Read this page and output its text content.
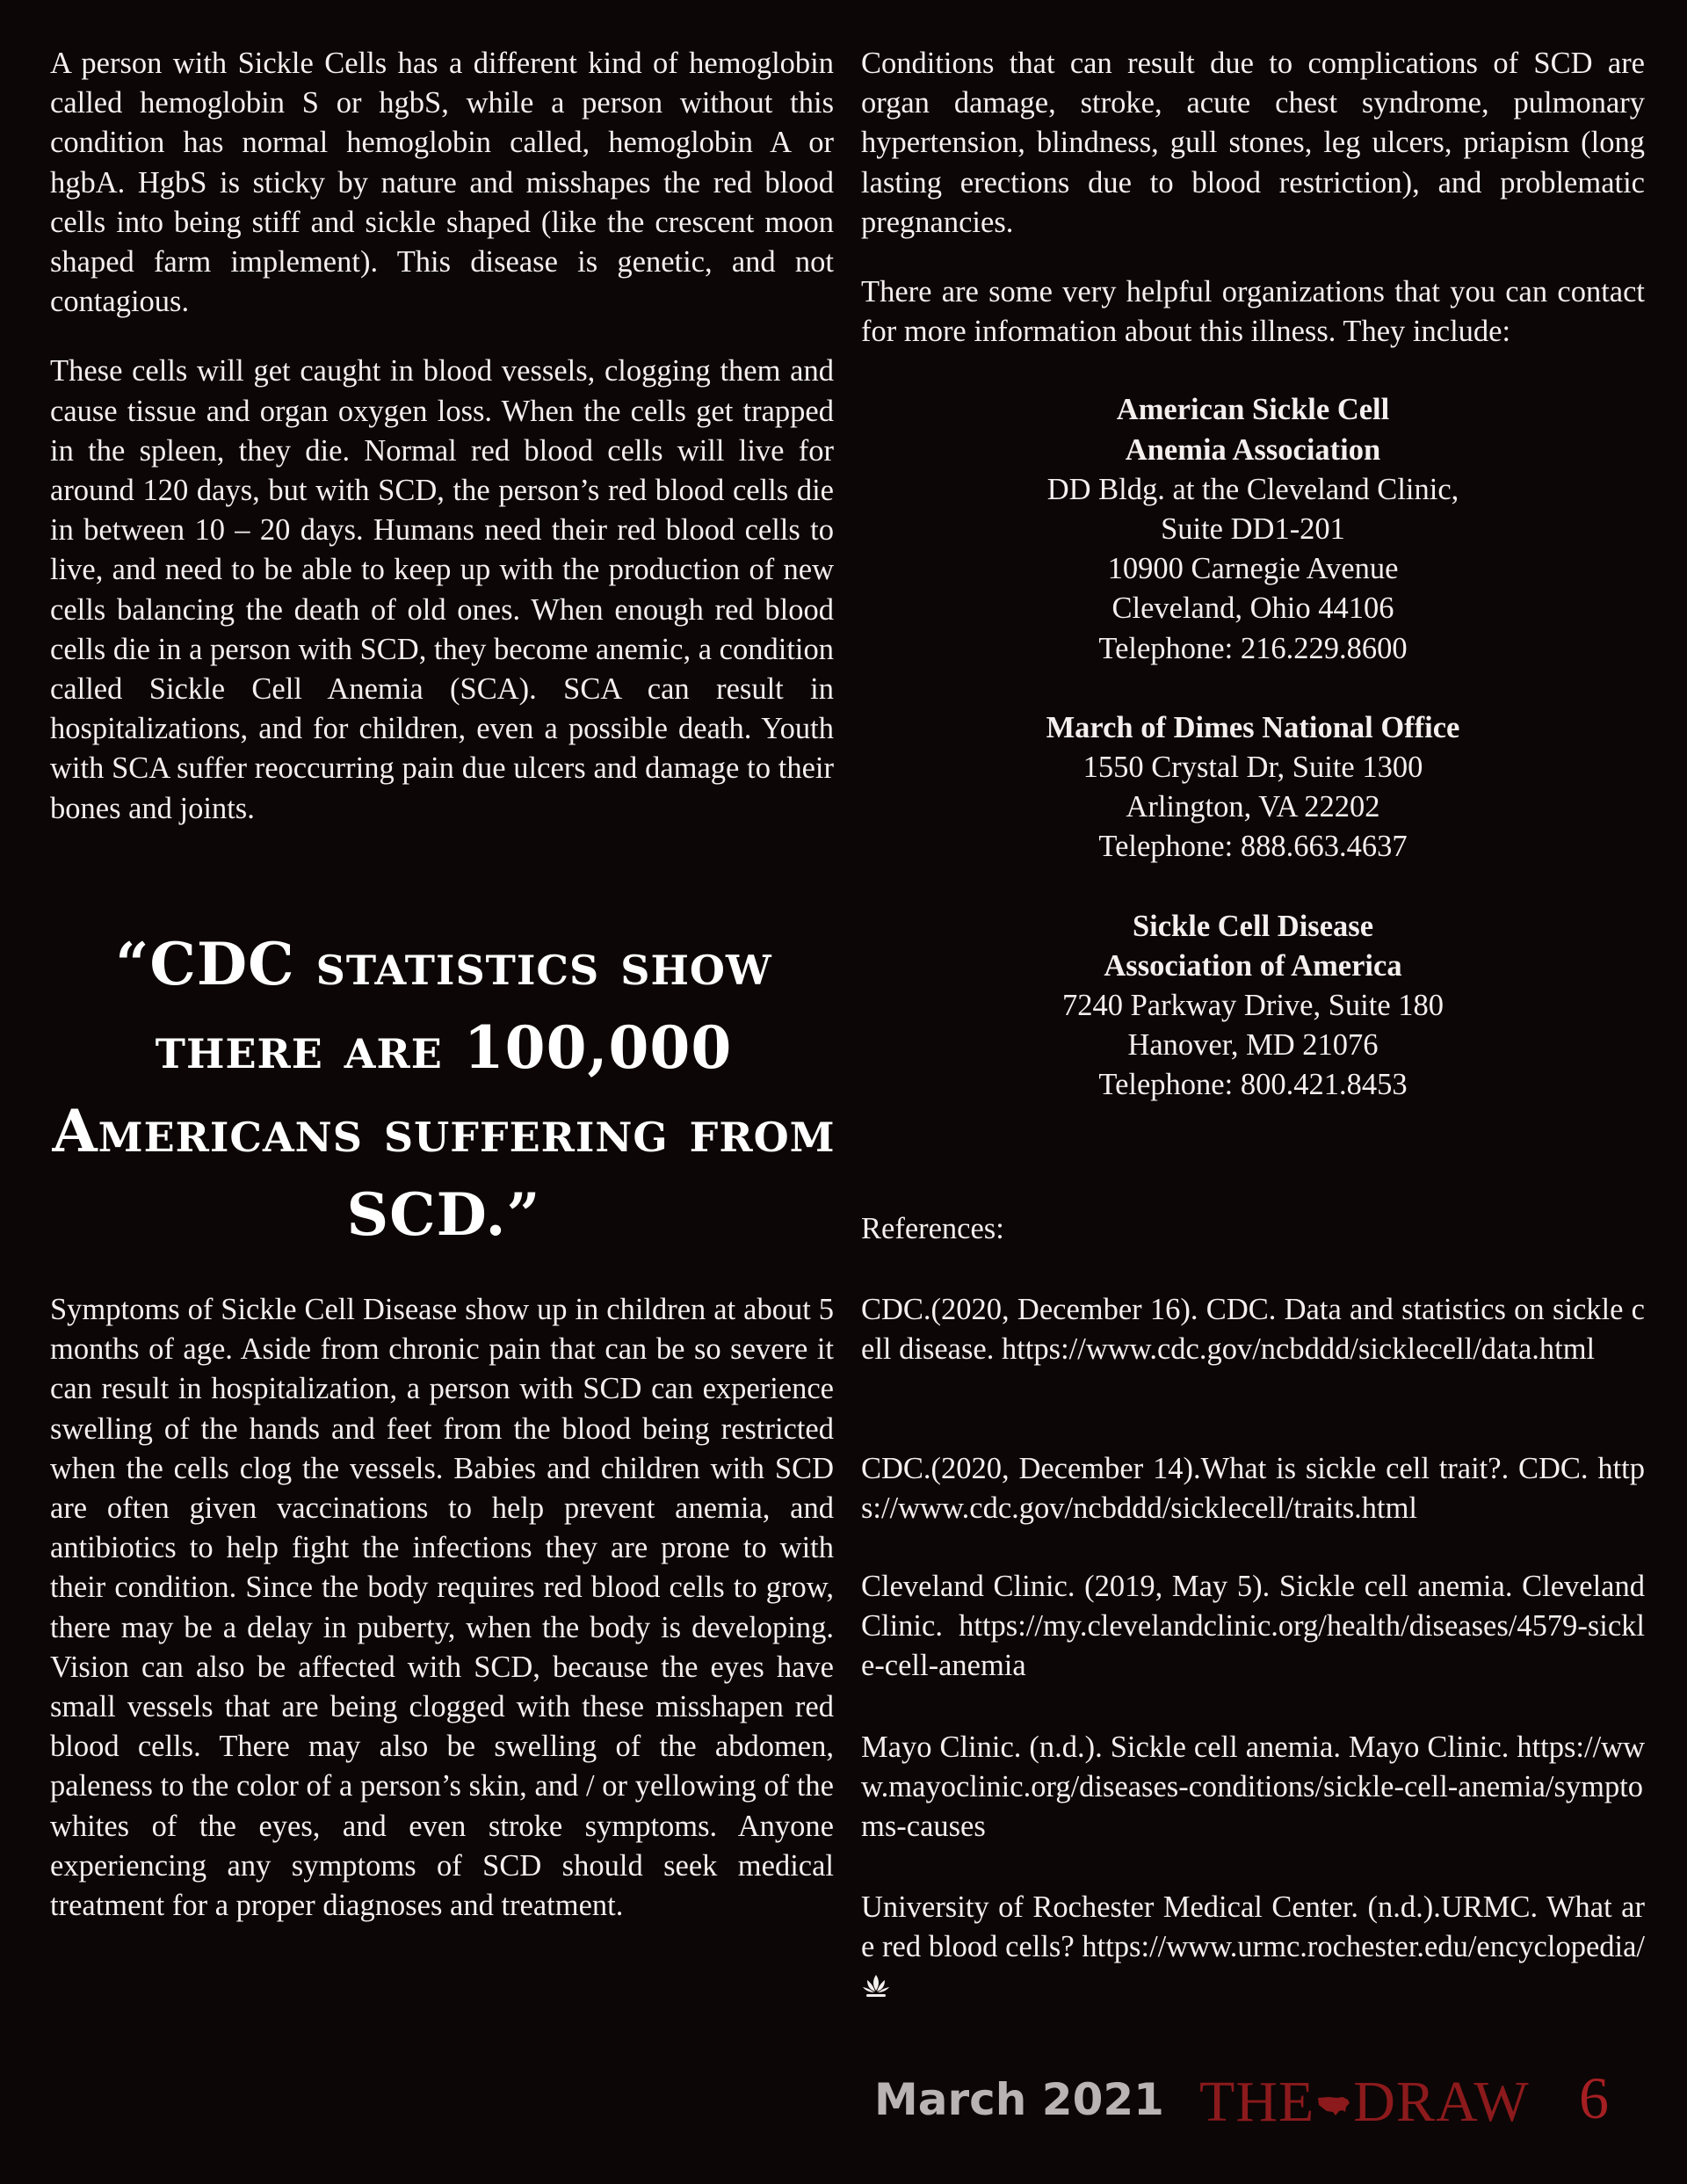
A person with Sickle Cells has a different kind of hemoglobin called hemoglobin S or hgbS, while a person without this condition has normal hemoglobin called, hemoglobin A or hgbA. HgbS is sticky by nature and misshapes the red blood cells into being stiff and sickle shaped (like the crescent moon shaped farm implement). This disease is genetic, and not contagious.

These cells will get caught in blood vessels, clogging them and cause tissue and organ oxygen loss. When the cells get trapped in the spleen, they die. Normal red blood cells will live for around 120 days, but with SCD, the person’s red blood cells die in between 10 – 20 days. Humans need their red blood cells to live, and need to be able to keep up with the production of new cells balancing the death of old ones. When enough red blood cells die in a person with SCD, they become anemic, a condition called Sickle Cell Anemia (SCA). SCA can result in hospitalizations, and for children, even a possible death. Youth with SCA suffer reoccurring pain due ulcers and damage to their bones and joints.

“CDC statistics show there are 100,000 Americans suffering from SCD.”

Symptoms of Sickle Cell Disease show up in children at about 5 months of age. Aside from chronic pain that can be so severe it can result in hospitalization, a person with SCD can experience swelling of the hands and feet from the blood being restricted when the cells clog the vessels. Babies and children with SCD are often given vaccinations to help prevent anemia, and antibiotics to help fight the infections they are prone to with their condition. Since the body requires red blood cells to grow, there may be a delay in puberty, when the body is developing. Vision can also be affected with SCD, because the eyes have small vessels that are being clogged with these misshapen red blood cells. There may also be swelling of the abdomen, paleness to the color of a person’s skin, and / or yellowing of the whites of the eyes, and even stroke symptoms. Anyone experiencing any symptoms of SCD should seek medical treatment for a proper diagnoses and treatment.

Conditions that can result due to complications of SCD are organ damage, stroke, acute chest syndrome, pulmonary hypertension, blindness, gull stones, leg ulcers, priapism (long lasting erections due to blood restriction), and problematic pregnancies.

There are some very helpful organizations that you can contact for more information about this illness. They include:

American Sickle Cell
Anemia Association
DD Bldg. at the Cleveland Clinic,
Suite DD1-201
10900 Carnegie Avenue
Cleveland, Ohio 44106
Telephone: 216.229.8600
March of Dimes National Office
1550 Crystal Dr, Suite 1300
Arlington, VA 22202
Telephone: 888.663.4637
Sickle Cell Disease
Association of America
7240 Parkway Drive, Suite 180
Hanover, MD 21076
Telephone: 800.421.8453

References:

CDC.(2020, December 16). CDC. Data and statistics on sickle cell disease. https://www.cdc.gov/ncbddd/sicklecell/data.html

CDC.(2020, December 14).What is sickle cell trait?. CDC. https://www.cdc.gov/ncbddd/sicklecell/traits.html

Cleveland Clinic. (2019, May 5). Sickle cell anemia. Cleveland Clinic. https://my.clevelandclinic.org/health/diseases/4579-sickle-cell-anemia

Mayo Clinic. (n.d.). Sickle cell anemia. Mayo Clinic. https://www.mayoclinic.org/diseases-conditions/sickle-cell-anemia/symptoms-causes

University of Rochester Medical Center. (n.d.).URMC. What are red blood cells? https://www.urmc.rochester.edu/encyclopedia/

March 2021 THE DRAW 6
